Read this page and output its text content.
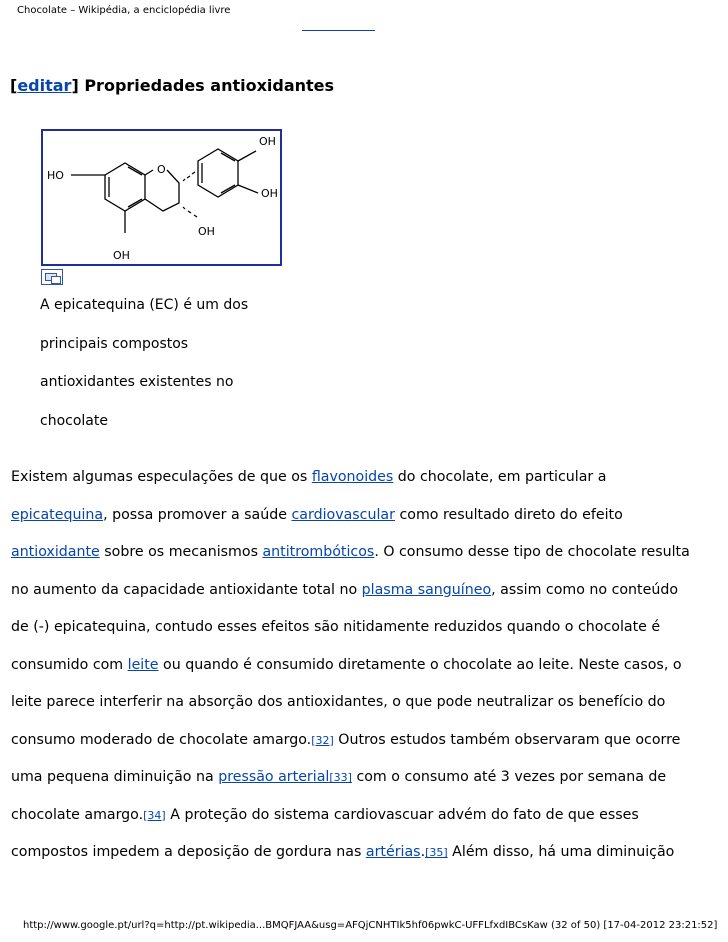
Chocolate – Wikipédia, a enciclopédia livre
[editar] Propriedades antioxidantes
O
HO
OH
OH
OH
OH
A epicatequina (EC) é um dos
principais compostos
antioxidantes existentes no
chocolate
Existem algumas especulações de que os flavonoides do chocolate, em particular a
epicatequina, possa promover a saúde cardiovascular como resultado direto do efeito
antioxidante sobre os mecanismos antitrombóticos. O consumo desse tipo de chocolate resulta
no aumento da capacidade antioxidante total no plasma sanguíneo, assim como no conteúdo
de (-) epicatequina, contudo esses efeitos são nitidamente reduzidos quando o chocolate é
consumido com leite ou quando é consumido diretamente o chocolate ao leite. Neste casos, o
leite parece interferir na absorção dos antioxidantes, o que pode neutralizar os benefício do
consumo moderado de chocolate amargo.[32] Outros estudos também observaram que ocorre
uma pequena diminuição na pressão arterial[33] com o consumo até 3 vezes por semana de
chocolate amargo.[34] A proteção do sistema cardiovascuar advém do fato de que esses
compostos impedem a deposição de gordura nas artérias.[35] Além disso, há uma diminuição
http://www.google.pt/url?q=http://pt.wikipedia...BMQFJAA&usg=AFQjCNHTIk5hf06pwkC-UFFLfxdIBCsKaw (32 of 50) [17-04-2012 23:21:52]
